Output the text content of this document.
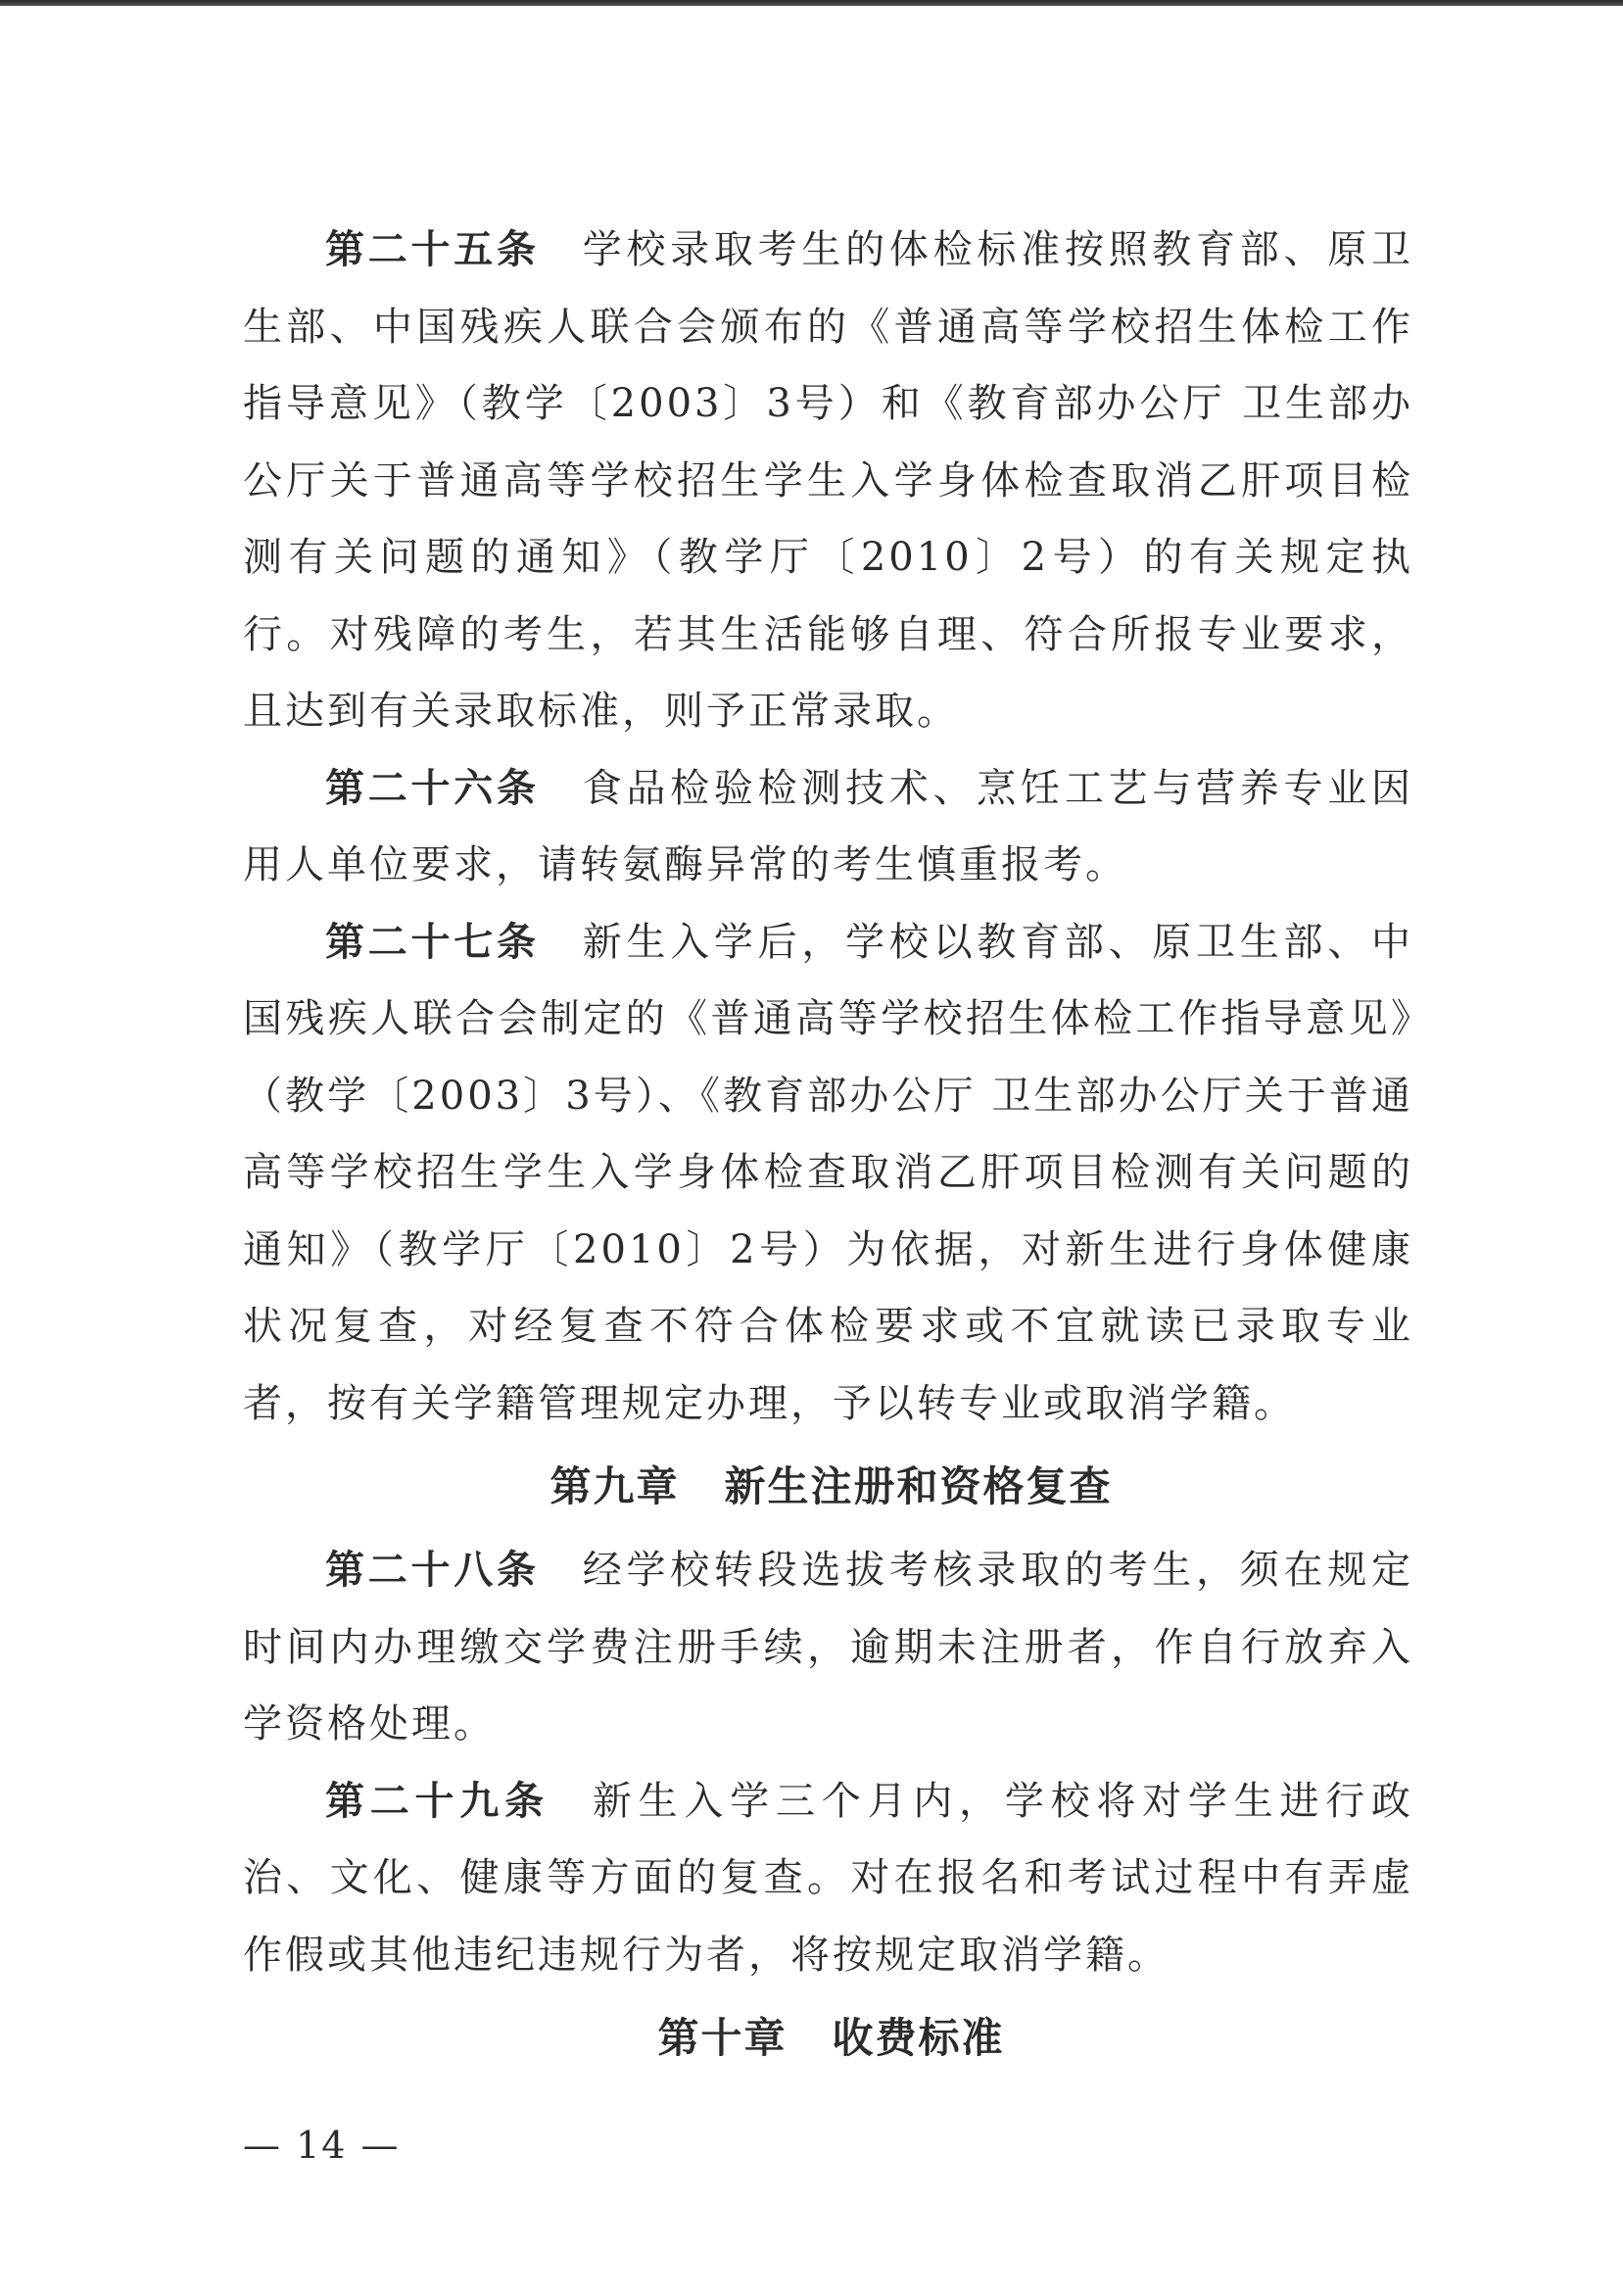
第二十五条 学校录取考生的体检标准按照教育部、原卫生部、中国残疾人联合会颁布的《普通高等学校招生体检工作指导意见》（教学〔2003〕3号）和《教育部办公厅 卫生部办公厅关于普通高等学校招生学生入学身体检查取消乙肝项目检测有关问题的通知》（教学厅〔2010〕2号）的有关规定执行。对残障的考生，若其生活能够自理、符合所报专业要求，且达到有关录取标准，则予正常录取。

第二十六条 食品检验检测技术、烹饪工艺与营养专业因用人单位要求，请转氨酶异常的考生慎重报考。

第二十七条 新生入学后，学校以教育部、原卫生部、中国残疾人联合会制定的《普通高等学校招生体检工作指导意见》（教学〔2003〕3号）、《教育部办公厅 卫生部办公厅关于普通高等学校招生学生入学身体检查取消乙肝项目检测有关问题的通知》（教学厅〔2010〕2号）为依据，对新生进行身体健康状况复查，对经复查不符合体检要求或不宜就读已录取专业者，按有关学籍管理规定办理，予以转专业或取消学籍。

第九章 新生注册和资格复查

第二十八条 经学校转段选拔考核录取的考生，须在规定时间内办理缴交学费注册手续，逾期未注册者，作自行放弃入学资格处理。

第二十九条 新生入学三个月内，学校将对学生进行政治、文化、健康等方面的复查。对在报名和考试过程中有弄虚作假或其他违纪违规行为者，将按规定取消学籍。

第十章 收费标准
— 14 —
